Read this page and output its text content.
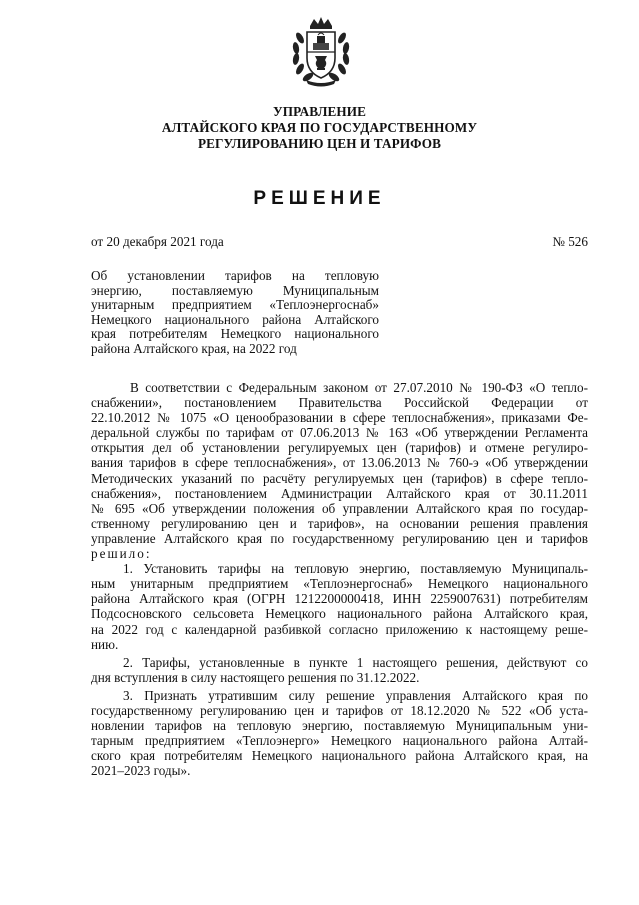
УПРАВЛЕНИЕ
АЛТАЙСКОГО КРАЯ ПО ГОСУДАРСТВЕННОМУ
РЕГУЛИРОВАНИЮ ЦЕН И ТАРИФОВ
РЕШЕНИЕ
от 20 декабря 2021 года	№ 526
Об установлении тарифов на тепловую
энергию, поставляемую Муниципальным
унитарным предприятием «Теплоэнергоснаб»
Немецкого национального района Алтайского
края потребителям Немецкого национального
района Алтайского края, на 2022 год
В соответствии с Федеральным законом от 27.07.2010 № 190-ФЗ «О тепло-
снабжении», постановлением Правительства Российской Федерации от
22.10.2012 № 1075 «О ценообразовании в сфере теплоснабжения», приказами Фе-
деральной службы по тарифам от 07.06.2013 № 163 «Об утверждении Регламента
открытия дел об установлении регулируемых цен (тарифов) и отмене регулиро-
вания тарифов в сфере теплоснабжения», от 13.06.2013 № 760-э «Об утверждении
Методических указаний по расчёту регулируемых цен (тарифов) в сфере тепло-
снабжения», постановлением Администрации Алтайского края от 30.11.2011
№ 695 «Об утверждении положения об управлении Алтайского края по государ-
ственному регулированию цен и тарифов», на основании решения правления
управление Алтайского края по государственному регулированию цен и тарифов
решило:
1. Установить тарифы на тепловую энергию, поставляемую Муниципаль-
ным унитарным предприятием «Теплоэнергоснаб» Немецкого национального
района Алтайского края (ОГРН 1212200000418, ИНН 2259007631) потребителям
Подсосновского сельсовета Немецкого национального района Алтайского края,
на 2022 год с календарной разбивкой согласно приложению к настоящему реше-
нию.
2. Тарифы, установленные в пункте 1 настоящего решения, действуют со
дня вступления в силу настоящего решения по 31.12.2022.
3. Признать утратившим силу решение управления Алтайского края по
государственному регулированию цен и тарифов от 18.12.2020 № 522 «Об уста-
новлении тарифов на тепловую энергию, поставляемую Муниципальным уни-
тарным предприятием «Теплоэнерго» Немецкого национального района Алтай-
ского края потребителям Немецкого национального района Алтайского края, на
2021–2023 годы».
